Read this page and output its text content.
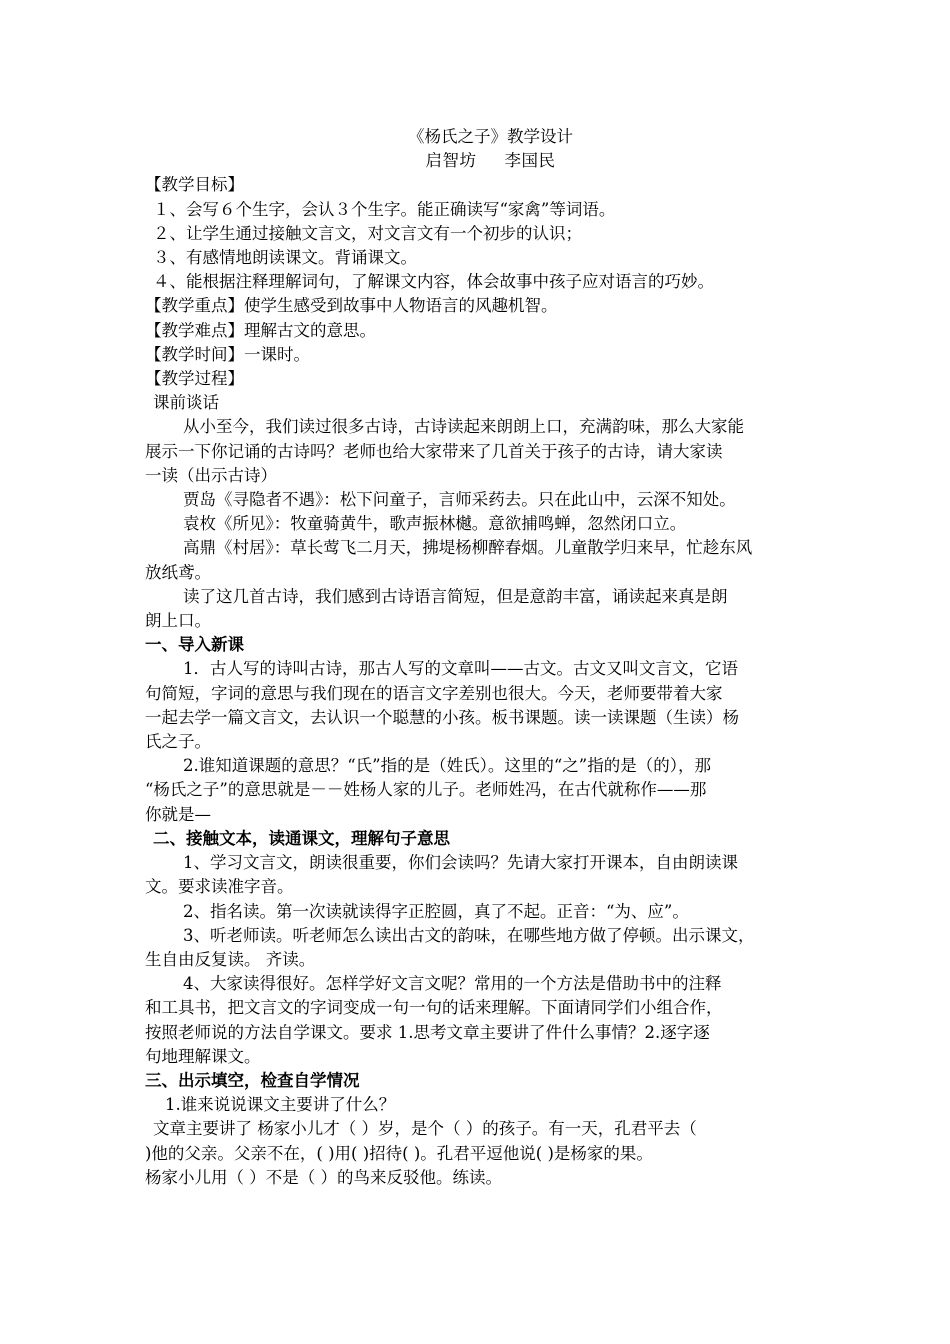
《杨氏之子》教学设计
启智坊 李国民
【教学目标】
１、会写６个生字，会认３个生字。能正确读写“家禽”等词语。
２、让学生通过接触文言文，对文言文有一个初步的认识；
３、有感情地朗读课文。背诵课文。
４、能根据注释理解词句，了解课文内容，体会故事中孩子应对语言的巧妙。
【教学重点】使学生感受到故事中人物语言的风趣机智。
【教学难点】理解古文的意思。
【教学时间】一课时。
【教学过程】
课前谈话
从小至今，我们读过很多古诗，古诗读起来朗朗上口，充满韵味，那么大家能
展示一下你记诵的古诗吗？老师也给大家带来了几首关于孩子的古诗，请大家读
一读（出示古诗）
贾岛《寻隐者不遇》：松下问童子，言师采药去。只在此山中，云深不知处。
袁枚《所见》：牧童骑黄牛，歌声振林樾。意欲捕鸣蝉，忽然闭口立。
高鼎《村居》：草长莺飞二月天，拂堤杨柳醉春烟。儿童散学归来早，忙趁东风
放纸鸢。
读了这几首古诗，我们感到古诗语言简短，但是意韵丰富，诵读起来真是朗
朗上口。
一、导入新课
1．古人写的诗叫古诗，那古人写的文章叫——古文。古文又叫文言文，它语
句简短，字词的意思与我们现在的语言文字差别也很大。今天，老师要带着大家
一起去学一篇文言文，去认识一个聪慧的小孩。板书课题。读一读课题（生读）杨
氏之子。
2.谁知道课题的意思？“氏”指的是（姓氏）。这里的“之”指的是（的），那
“杨氏之子”的意思就是－－姓杨人家的儿子。老师姓冯，在古代就称作——那
你就是—
二、接触文本，读通课文，理解句子意思
1、学习文言文，朗读很重要，你们会读吗？先请大家打开课本，自由朗读课
文。要求读准字音。
2、指名读。第一次读就读得字正腔圆，真了不起。正音：“为、应”。
3、听老师读。听老师怎么读出古文的韵味，在哪些地方做了停顿。出示课文，
生自由反复读。 齐读。
4、大家读得很好。怎样学好文言文呢？常用的一个方法是借助书中的注释
和工具书，把文言文的字词变成一句一句的话来理解。下面请同学们小组合作，
按照老师说的方法自学课文。要求 1.思考文章主要讲了件什么事情？2.逐字逐
句地理解课文。
三、出示填空，检查自学情况
1.谁来说说课文主要讲了什么？
文章主要讲了 杨家小儿才（ ）岁，是个（ ）的孩子。有一天，孔君平去（
)他的父亲。父亲不在，( )用( )招待( )。孔君平逗他说( )是杨家的果。
杨家小儿用（ ）不是（ ）的鸟来反驳他。练读。
